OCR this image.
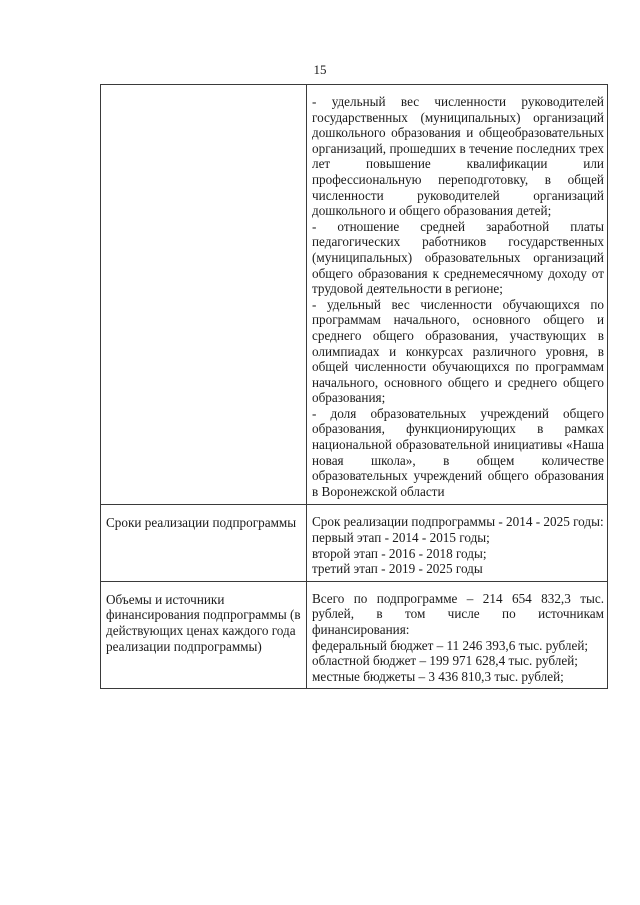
15

	- удельный вес численности руководителей государственных (муниципальных) организаций дошкольного образования и общеобразовательных организаций, прошедших в течение последних трех лет повышение квалификации или профессиональную переподготовку, в общей численности руководителей организаций дошкольного и общего образования детей;
- отношение средней заработной платы педагогических работников государственных (муниципальных) образовательных организаций общего образования к среднемесячному доходу от трудовой деятельности в регионе;
- удельный вес численности обучающихся по программам начального, основного общего и среднего общего образования, участвующих в олимпиадах и конкурсах различного уровня, в общей численности обучающихся по программам начального, основного общего и среднего общего образования;
- доля образовательных учреждений общего образования, функционирующих в рамках национальной образовательной инициативы «Наша новая школа», в общем количестве образовательных учреждений общего образования в Воронежской области

Сроки реализации подпрограммы	Срок реализации подпрограммы - 2014 - 2025 годы:
первый этап - 2014 - 2015 годы;
второй этап - 2016 - 2018 годы;
третий этап - 2019 - 2025 годы

Объемы и источники финансирования подпрограммы (в действующих ценах каждого года реализации подпрограммы)	Всего по подпрограмме – 214 654 832,3 тыс. рублей, в том числе по источникам финансирования:
федеральный бюджет – 11 246 393,6 тыс. рублей;
областной бюджет – 199 971 628,4 тыс. рублей;
местные бюджеты – 3 436 810,3 тыс. рублей;
